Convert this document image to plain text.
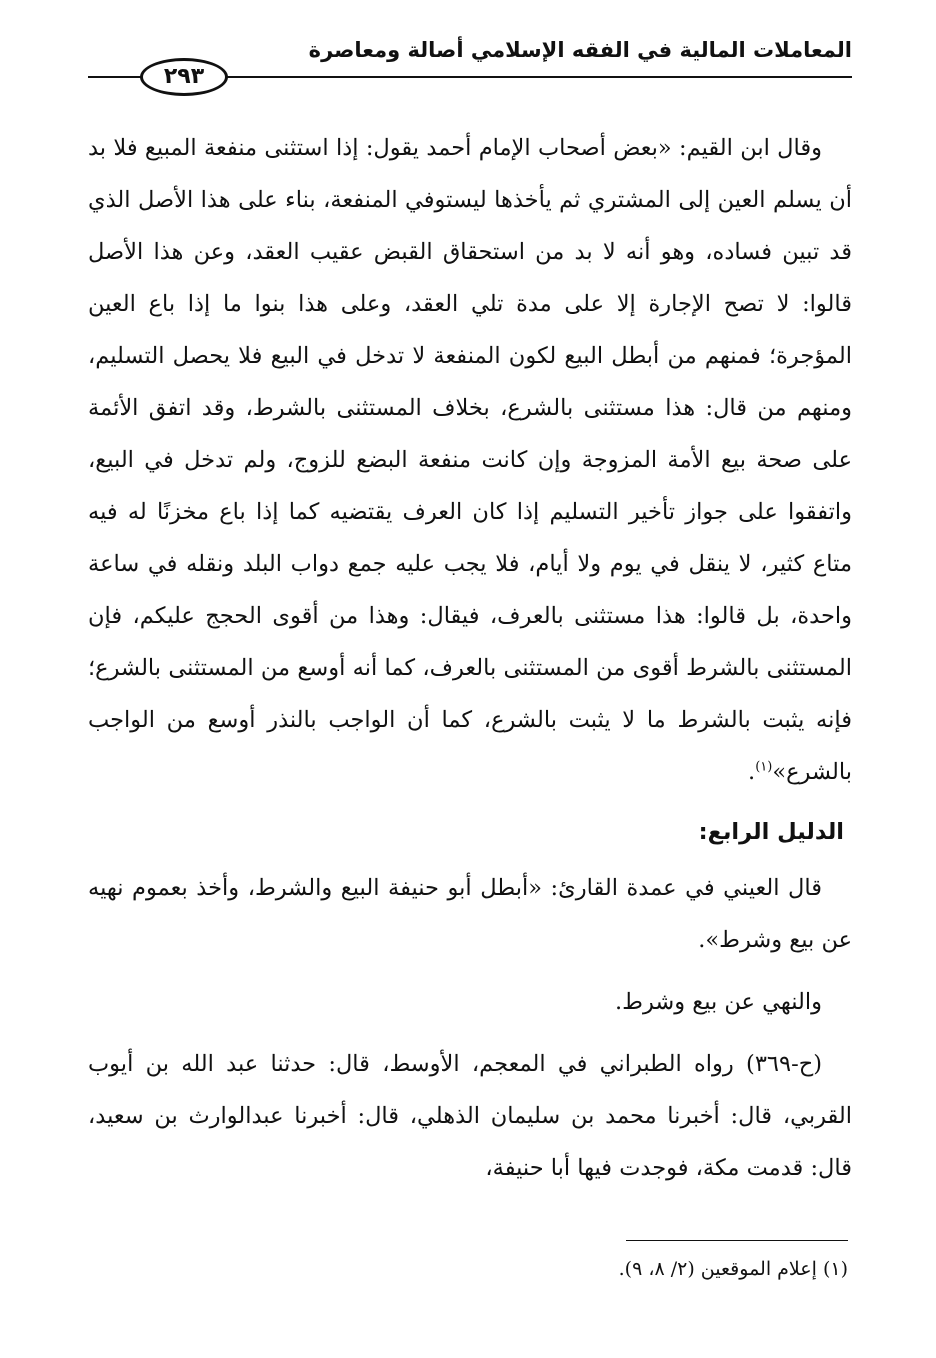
المعاملات المالية في الفقه الإسلامي أصالة ومعاصرة
٢٩٣

وقال ابن القيم: «بعض أصحاب الإمام أحمد يقول: إذا استثنى منفعة المبيع فلا بد أن يسلم العين إلى المشتري ثم يأخذها ليستوفي المنفعة، بناء على هذا الأصل الذي قد تبين فساده، وهو أنه لا بد من استحقاق القبض عقيب العقد، وعن هذا الأصل قالوا: لا تصح الإجارة إلا على مدة تلي العقد، وعلى هذا بنوا ما إذا باع العين المؤجرة؛ فمنهم من أبطل البيع لكون المنفعة لا تدخل في البيع فلا يحصل التسليم، ومنهم من قال: هذا مستثنى بالشرع، بخلاف المستثنى بالشرط، وقد اتفق الأئمة على صحة بيع الأمة المزوجة وإن كانت منفعة البضع للزوج، ولم تدخل في البيع، واتفقوا على جواز تأخير التسليم إذا كان العرف يقتضيه كما إذا باع مخزنًا له فيه متاع كثير، لا ينقل في يوم ولا أيام، فلا يجب عليه جمع دواب البلد ونقله في ساعة واحدة، بل قالوا: هذا مستثنى بالعرف، فيقال: وهذا من أقوى الحجج عليكم، فإن المستثنى بالشرط أقوى من المستثنى بالعرف، كما أنه أوسع من المستثنى بالشرع؛ فإنه يثبت بالشرط ما لا يثبت بالشرع، كما أن الواجب بالنذر أوسع من الواجب بالشرع»$^{(١)}$.

الدليل الرابع:

قال العيني في عمدة القارئ: «أبطل أبو حنيفة البيع والشرط، وأخذ بعموم نهيه عن بيع وشرط».

والنهي عن بيع وشرط.

(ح-٣٦٩) رواه الطبراني في المعجم، الأوسط، قال: حدثنا عبد الله بن أيوب القربي، قال: أخبرنا محمد بن سليمان الذهلي، قال: أخبرنا عبدالوارث بن سعيد، قال: قدمت مكة، فوجدت فيها أبا حنيفة،

(١) إعلام الموقعين (٢/ ٨، ٩).
